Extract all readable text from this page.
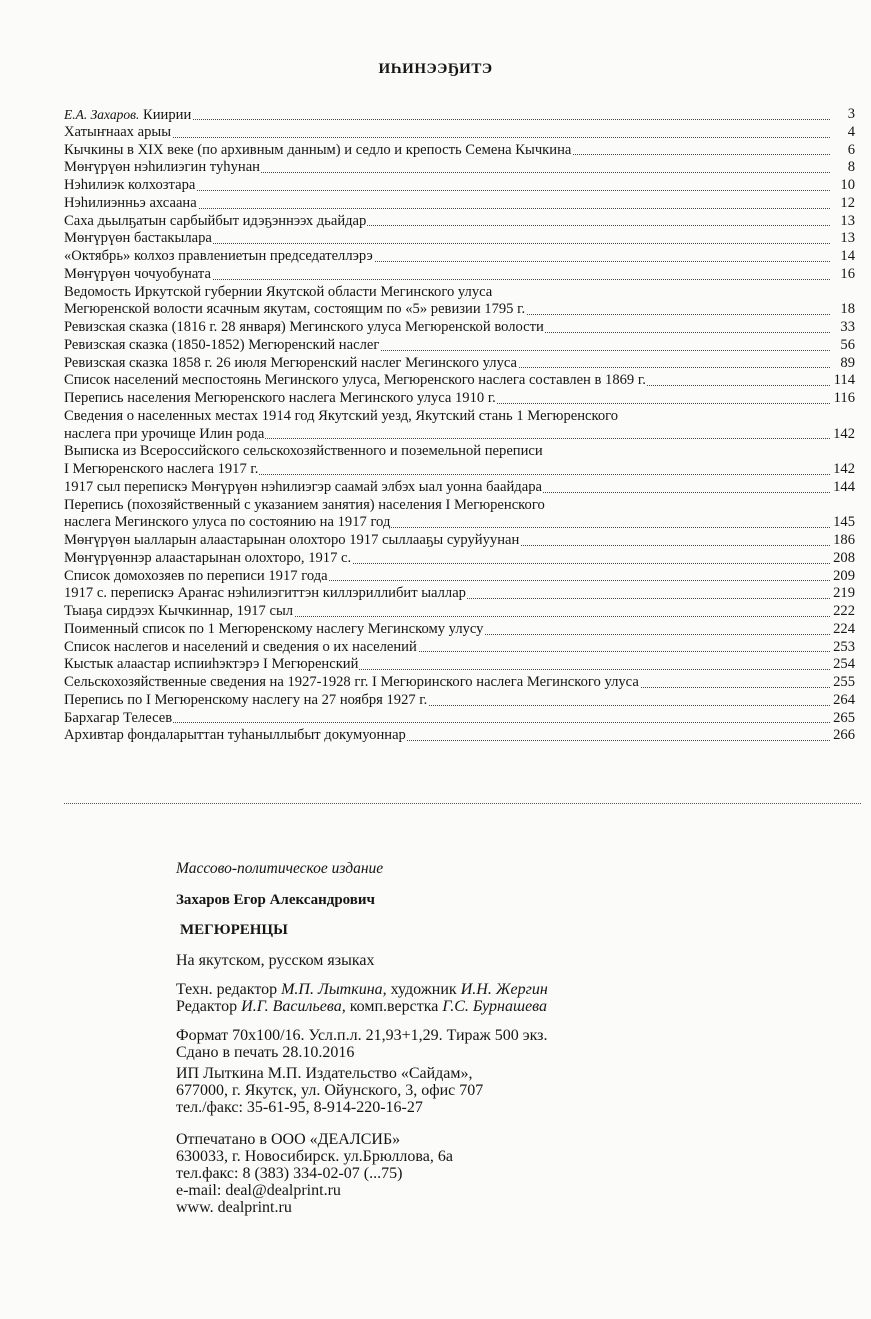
ИҺИНЭЭҔИТЭ
Е.А. Захаров. Киирии	3
Хатыҥнаах арыы	4
Кычкины в XIX веке (по архивным данным) и седло и крепость Семена Кычкина	6
Мөҥүрүөн нэһилиэгин туһунан	8
Нэһилиэк колхозтара	10
Нэһилиэнньэ ахсаана	12
Саха дьылҕатын сарбыйбыт идэҕэннээх дьайдар	13
Мөҥүрүөн бастакылара	13
«Октябрь» колхоз правлениетын председателлэрэ	14
Мөҥүрүөн чочуобуната	16
Ведомость Иркутской губернии Якутской области Мегинского улуса
Мегюренской волости ясачным якутам, состоящим по «5» ревизии 1795 г.	18
Ревизская сказка (1816 г. 28 января) Мегинского улуса Мегюренской волости	33
Ревизская сказка (1850-1852) Мегюренский наслег	56
Ревизская сказка 1858 г. 26 июля Мегюренский наслег Мегинского улуса	89
Список населений меспостоянь Мегинского улуса, Мегюренского наслега составлен в 1869 г.	114
Перепись населения Мегюренского наслега Мегинского улуса 1910 г.	116
Сведения о населенных местах 1914 год Якутский уезд, Якутский стань 1 Мегюренского
наслега при урочище Илин рода	142
Выписка из Всероссийского сельскохозяйственного и поземельной переписи
I Мегюренского наслега 1917 г.	142
1917 сыл перепискэ Мөҥүрүөн нэһилиэгэр саамай элбэх ыал уонна баайдара	144
Перепись (похозяйственный с указанием занятия) населения I Мегюренского
наслега Мегинского улуса по состоянию на 1917 год	145
Мөҥүрүөн ыалларын алаастарынан олохторо 1917 сыллааҕы суруйуунан	186
Мөҥүрүөннэр алаастарынан олохторо, 1917 с.	208
Список домохозяев по переписи 1917 года	209
1917 с. перепискэ Араҥас нэһилиэгиттэн киллэриллибит ыаллар	219
Тыаҕа сирдээх Кычкиннар, 1917 сыл	222
Поименный список по 1 Мегюренскому наслегу Мегинскому улусу	224
Список наслегов и населений и сведения о их населений	253
Кыстык алаастар испииһэктэрэ I Мегюренский	254
Сельскохозяйственные сведения на 1927-1928 гг. I Мегюринского наслега Мегинского улуса	255
Перепись по I Мегюренскому наслегу на 27 ноября 1927 г.	264
Бархагар Телесев	265
Архивтар фондаларыттан туһаныллыбыт докумуоннар	266
Массово-политическое издание
Захаров Егор Александрович
МЕГЮРЕНЦЫ
На якутском, русском языках
Техн. редактор М.П. Лыткина, художник И.Н. Жергин
Редактор И.Г. Васильева, комп.верстка Г.С. Бурнашева
Формат 70х100/16. Усл.п.л. 21,93+1,29. Тираж 500 экз.
Сдано в печать 28.10.2016
ИП Лыткина М.П. Издательство «Сайдам»,
677000, г. Якутск, ул. Ойунского, 3, офис 707
тел./факс: 35-61-95, 8-914-220-16-27
Отпечатано в ООО «ДЕАЛСИБ»
630033, г. Новосибирск. ул.Брюллова, 6а
тел.факс: 8 (383) 334-02-07 (...75)
e-mail: deal@dealprint.ru
www. dealprint.ru
